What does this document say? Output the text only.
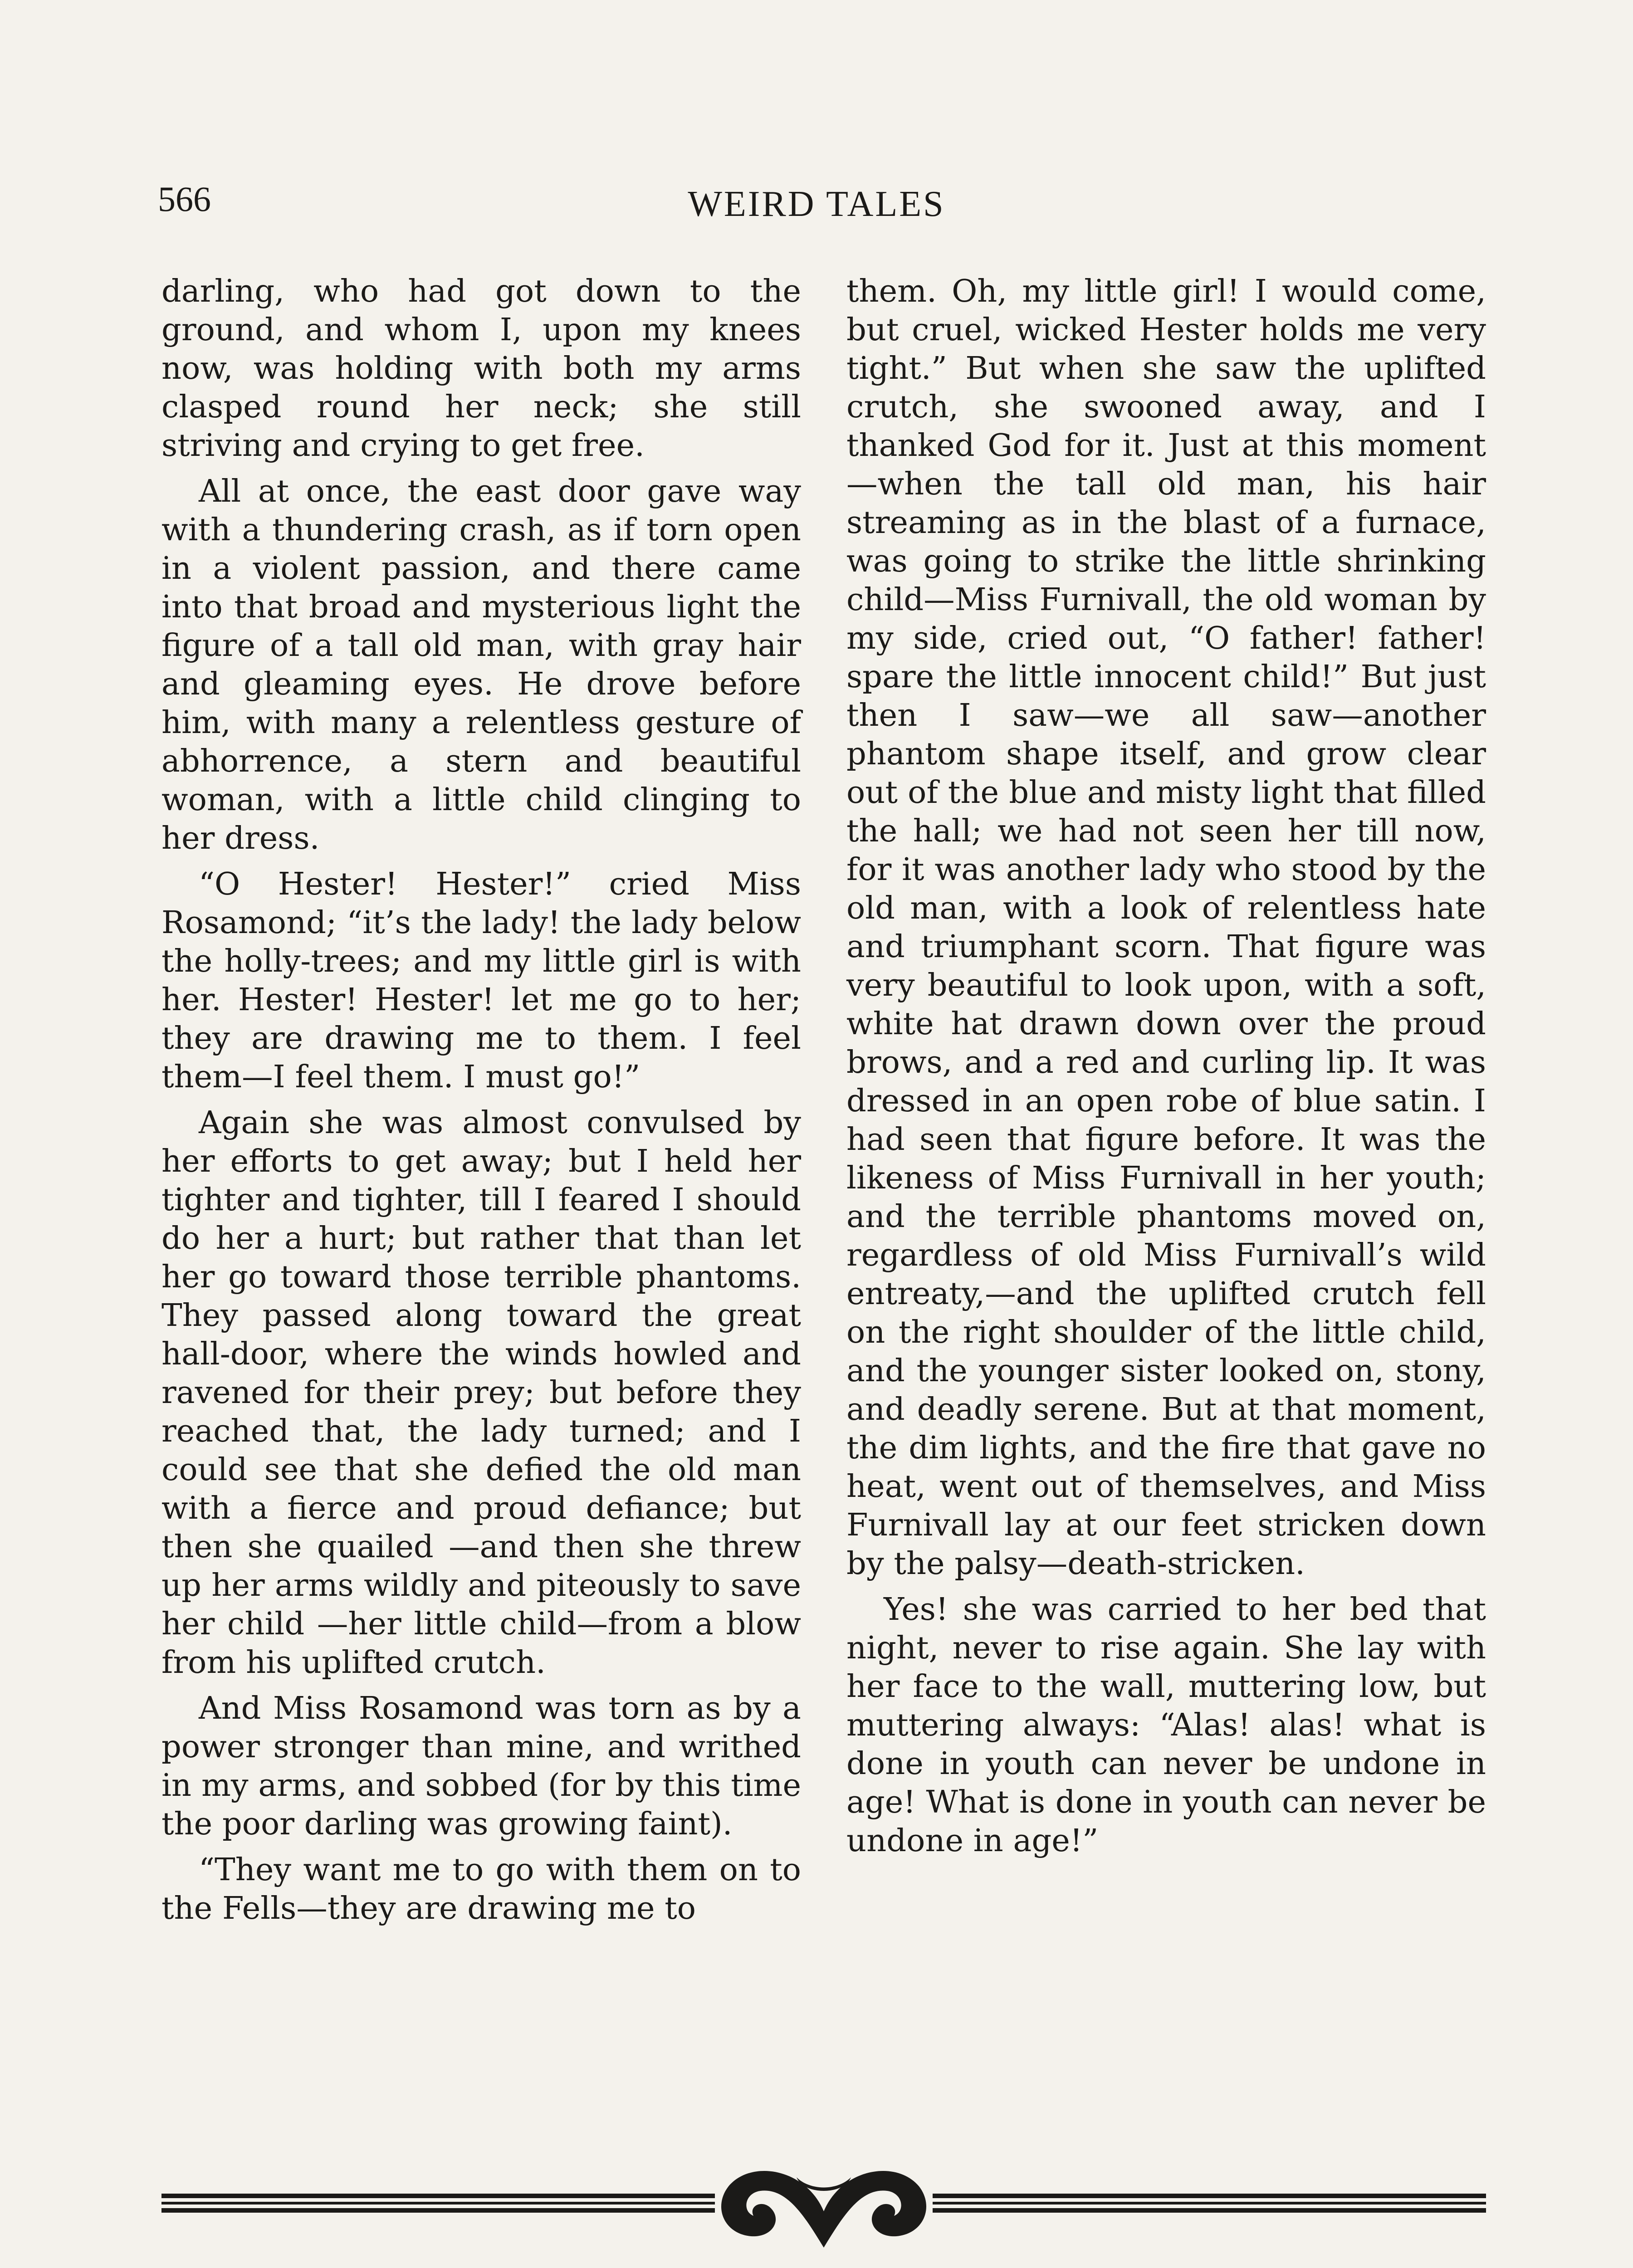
566	WEIRD TALES

darling, who had got down to the ground, and whom I, upon my knees now, was holding with both my arms clasped round her neck; she still striving and crying to get free.

All at once, the east door gave way with a thundering crash, as if torn open in a violent passion, and there came into that broad and mysterious light the figure of a tall old man, with gray hair and gleaming eyes. He drove before him, with many a relentless gesture of abhorrence, a stern and beautiful woman, with a little child clinging to her dress.

“O Hester! Hester!” cried Miss Rosamond; “it’s the lady! the lady below the holly-trees; and my little girl is with her. Hester! Hester! let me go to her; they are drawing me to them. I feel them—I feel them. I must go!”

Again she was almost convulsed by her efforts to get away; but I held her tighter and tighter, till I feared I should do her a hurt; but rather that than let her go toward those terrible phantoms. They passed along toward the great hall-door, where the winds howled and ravened for their prey; but before they reached that, the lady turned; and I could see that she defied the old man with a fierce and proud defiance; but then she quailed —and then she threw up her arms wildly and piteously to save her child —her little child—from a blow from his uplifted crutch.

And Miss Rosamond was torn as by a power stronger than mine, and writhed in my arms, and sobbed (for by this time the poor darling was growing faint).

“They want me to go with them on to the Fells—they are drawing me to

them. Oh, my little girl! I would come, but cruel, wicked Hester holds me very tight.” But when she saw the uplifted crutch, she swooned away, and I thanked God for it. Just at this moment—when the tall old man, his hair streaming as in the blast of a furnace, was going to strike the little shrinking child—Miss Furnivall, the old woman by my side, cried out, “O father! father! spare the little innocent child!” But just then I saw—we all saw—another phantom shape itself, and grow clear out of the blue and misty light that filled the hall; we had not seen her till now, for it was another lady who stood by the old man, with a look of relentless hate and triumphant scorn. That figure was very beautiful to look upon, with a soft, white hat drawn down over the proud brows, and a red and curling lip. It was dressed in an open robe of blue satin. I had seen that figure before. It was the likeness of Miss Furnivall in her youth; and the terrible phantoms moved on, regardless of old Miss Furnivall’s wild entreaty,—and the uplifted crutch fell on the right shoulder of the little child, and the younger sister looked on, stony, and deadly serene. But at that moment, the dim lights, and the fire that gave no heat, went out of themselves, and Miss Furnivall lay at our feet stricken down by the palsy—death-stricken.

Yes! she was carried to her bed that night, never to rise again. She lay with her face to the wall, muttering low, but muttering always: “Alas! alas! what is done in youth can never be undone in age! What is done in youth can never be undone in age!”
